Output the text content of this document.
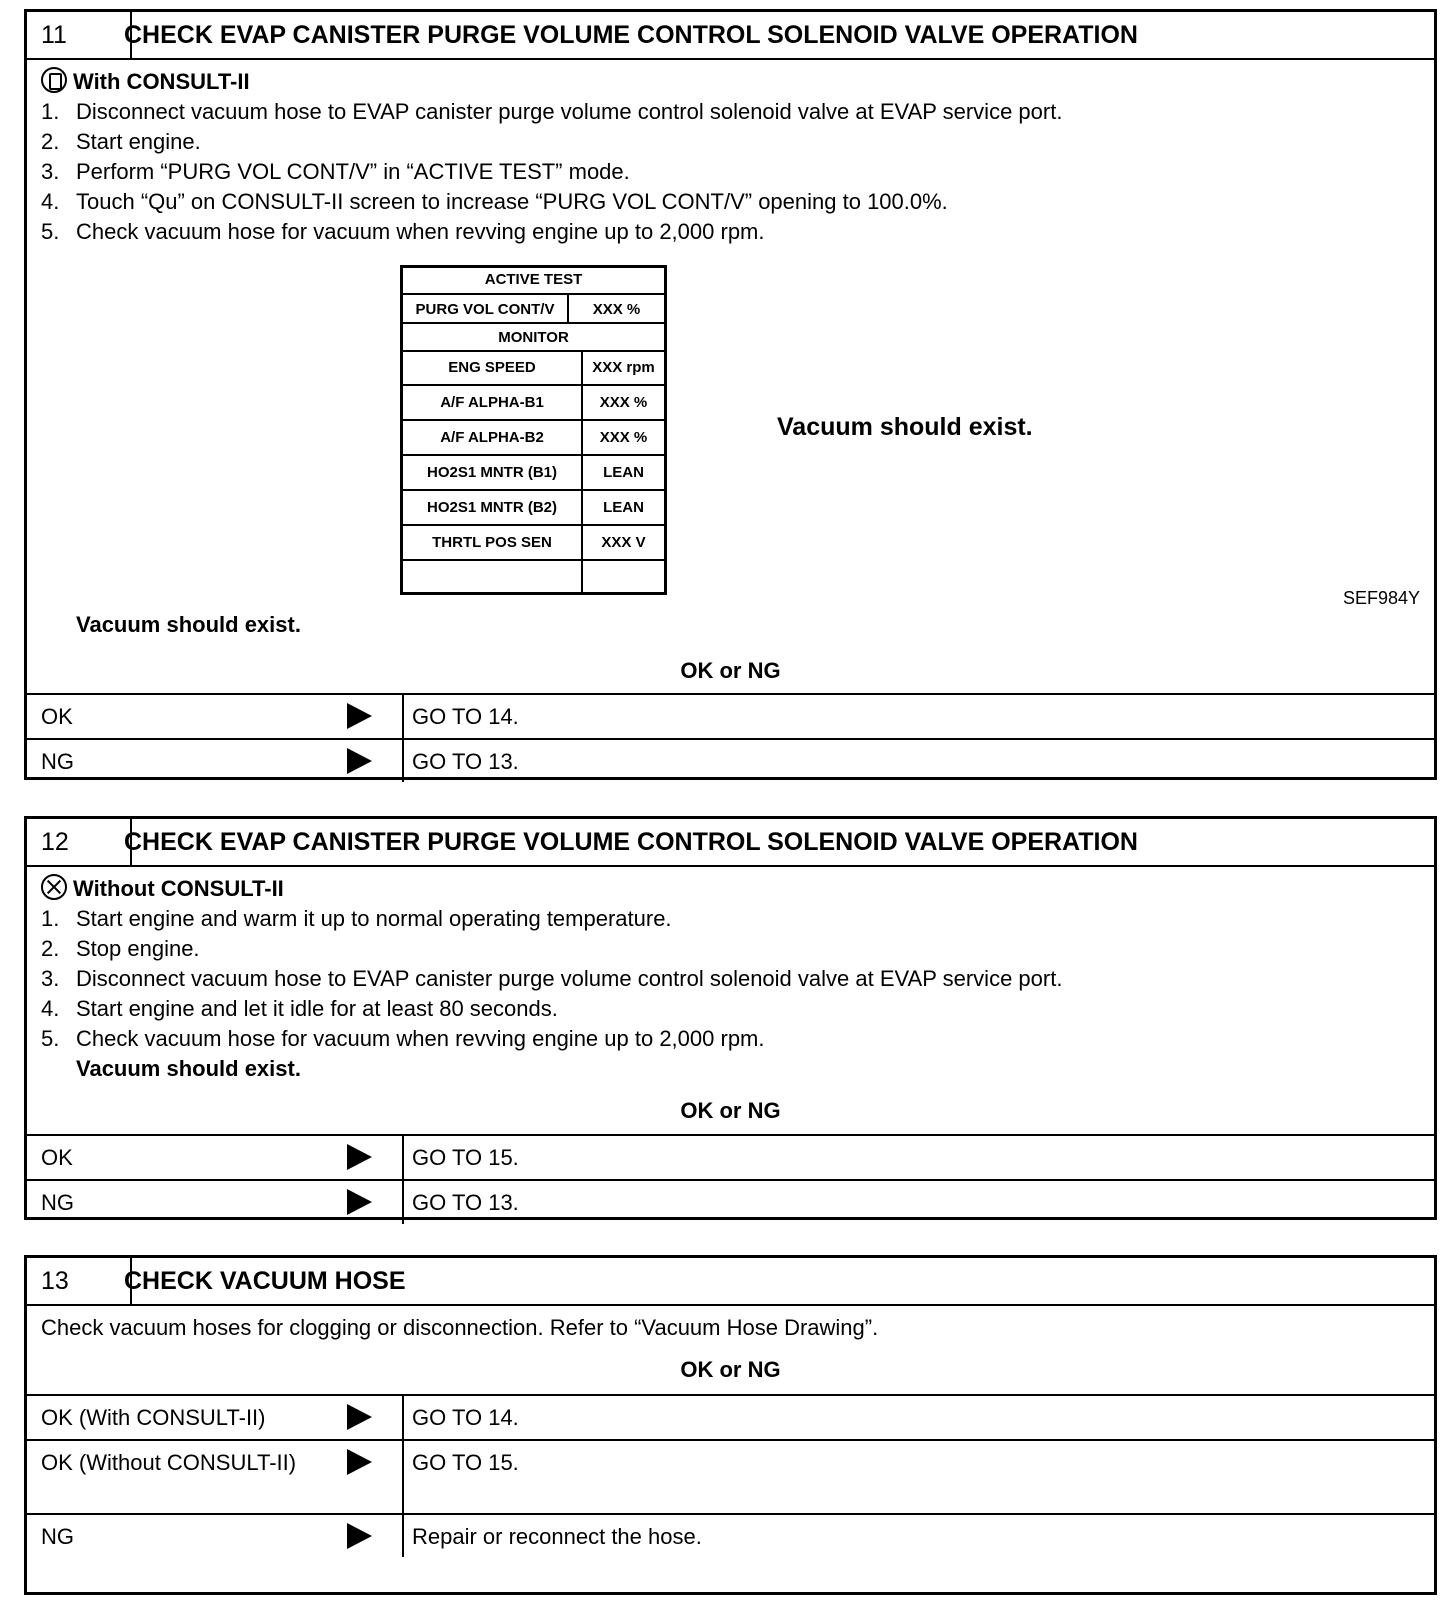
11	CHECK EVAP CANISTER PURGE VOLUME CONTROL SOLENOID VALVE OPERATION
With CONSULT-II
1. Disconnect vacuum hose to EVAP canister purge volume control solenoid valve at EVAP service port.
2. Start engine.
3. Perform “PURG VOL CONT/V” in “ACTIVE TEST” mode.
4. Touch “Qu” on CONSULT-II screen to increase “PURG VOL CONT/V” opening to 100.0%.
5. Check vacuum hose for vacuum when revving engine up to 2,000 rpm.
ACTIVE TEST
PURG VOL CONT/V	XXX %
MONITOR
ENG SPEED	XXX rpm
A/F ALPHA-B1	XXX %
A/F ALPHA-B2	XXX %
HO2S1 MNTR (B1)	LEAN
HO2S1 MNTR (B2)	LEAN
THRTL POS SEN	XXX V
Vacuum should exist.
SEF984Y
Vacuum should exist.
OK or NG
OK	GO TO 14.
NG	GO TO 13.
12	CHECK EVAP CANISTER PURGE VOLUME CONTROL SOLENOID VALVE OPERATION
Without CONSULT-II
1. Start engine and warm it up to normal operating temperature.
2. Stop engine.
3. Disconnect vacuum hose to EVAP canister purge volume control solenoid valve at EVAP service port.
4. Start engine and let it idle for at least 80 seconds.
5. Check vacuum hose for vacuum when revving engine up to 2,000 rpm.
Vacuum should exist.
OK or NG
OK	GO TO 15.
NG	GO TO 13.
13	CHECK VACUUM HOSE
Check vacuum hoses for clogging or disconnection. Refer to “Vacuum Hose Drawing”.
OK or NG
OK (With CONSULT-II)	GO TO 14.
OK (Without CONSULT-II)	GO TO 15.
NG	Repair or reconnect the hose.
